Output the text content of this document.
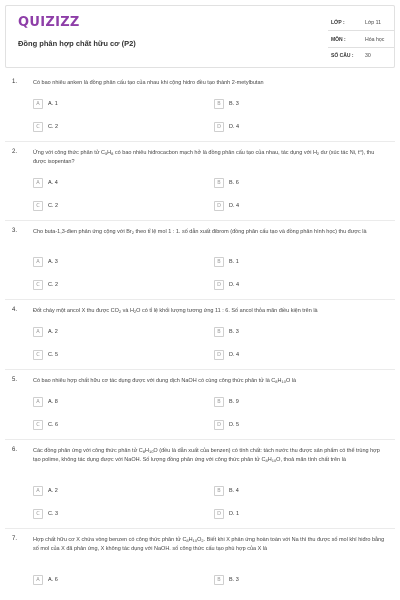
QUIZIZZ
Đồng phân hợp chất hữu cơ (P2)
LỚP :	Lớp 11
MÔN :	Hóa học
SỐ CÂU : 30
1.	Có bao nhiêu anken là đồng phân cấu tạo của nhau khi cộng hidro đều tạo thành 2-metylbutan
A	A. 1	B	B. 3
C	C. 2	D	D. 4
2.	Ứng với công thức phân tử $C_5H_8$ có bao nhiêu hiđrocacbon mạch hở là đồng phân cấu tạo của nhau, tác dụng với $H_2$ dư (xúc tác Ni, $t^o$), thu được isopentan?
A	A. 4	B	B. 6
C	C. 2	D	D. 4
3.	Cho buta-1,3-đien phản ứng cộng với $Br_2$ theo tỉ lệ mol 1 : 1. số dẫn xuất đibrom (đồng phân cấu tạo và đồng phân hình học) thu được là
A	A. 3	B	B. 1
C	C. 2	D	D. 4
4.	Đốt cháy một ancol X thu được $CO_2$ và $H_2O$ có tỉ lệ khối lượng tương ứng 11 : 6. Số ancol thỏa mãn điều kiện trên là
A	A. 2	B	B. 3
C	C. 5	D	D. 4
5.	Có bao nhiêu hợp chất hữu cơ tác dụng được với dung dịch NaOH có cùng công thức phân tử là $C_8H_{10}O$ là
A	A. 8	B	B. 9
C	C. 6	D	D. 5
6.	Các đồng phân ứng với công thức phân tử $C_8H_{10}O$ (đều là dẫn xuất của benzen) có tính chất: tách nước thu được sản phẩm có thể trùng hợp tạo polime, không tác dụng được với NaOH. Số lượng đồng phân ứng với công thức phân tử $C_8H_{10}O$, thoả mãn tính chất trên là
A	A. 2	B	B. 4
C	C. 3	D	D. 1
7.	Hợp chất hữu cơ X chứa vòng benzen có công thức phân tử $C_8H_{10}O_2$. Biết khi X phản ứng hoàn toàn với Na thì thu được số mol khí hiđro bằng số mol của X đã phản ứng, X không tác dụng với NaOH. số công thức cấu tạo phù hợp của X là
A	A. 6	B	B. 3
